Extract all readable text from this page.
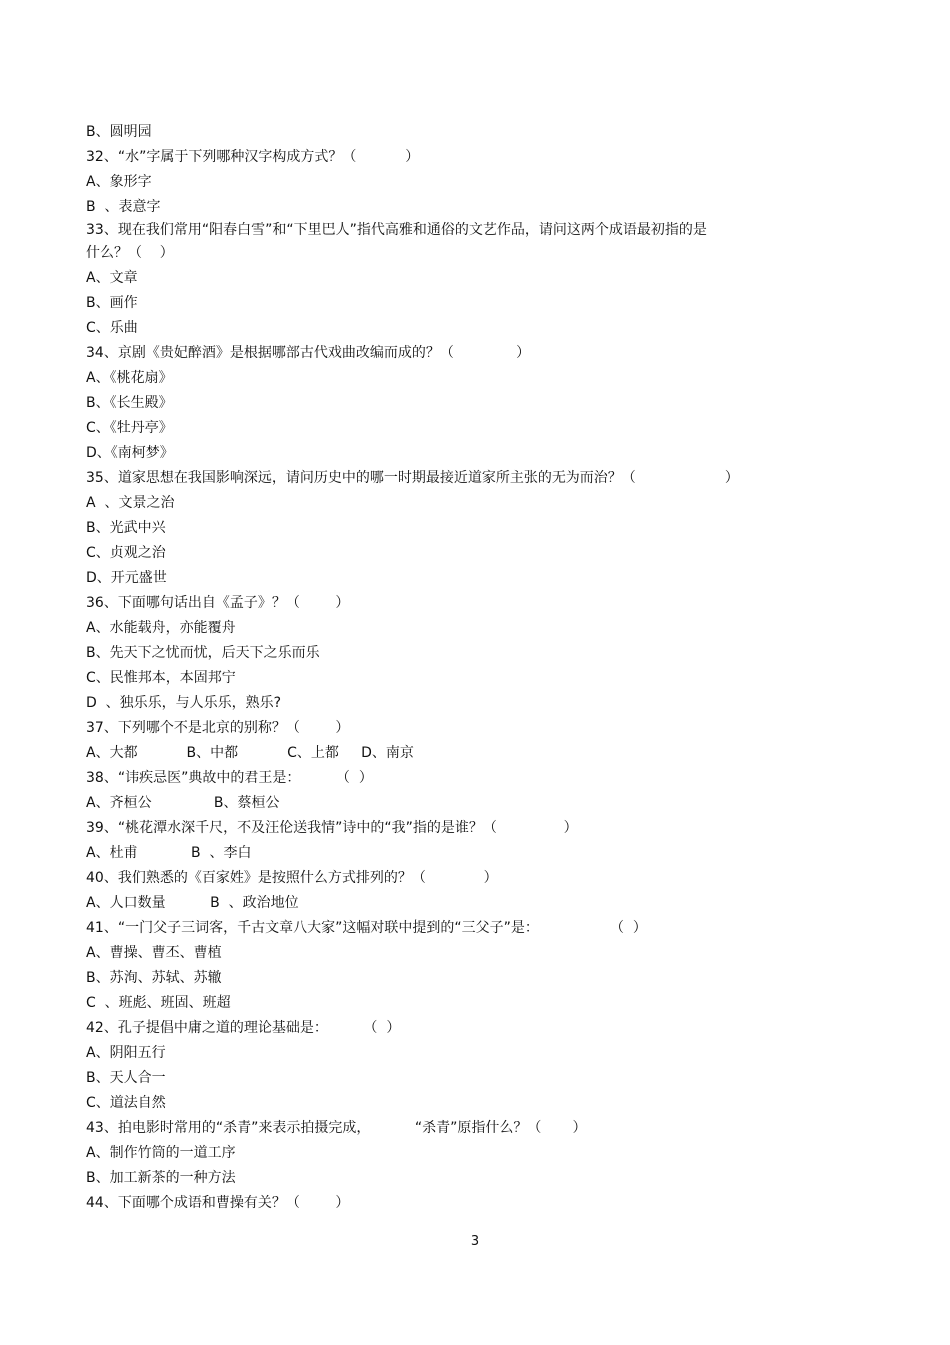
B、圆明园
32、“水”字属于下列哪种汉字构成方式？（           ）
A、象形字
B  、表意字
33、现在我们常用“阳春白雪”和“下里巴人”指代高雅和通俗的文艺作品，请问这两个成语最初指的是
什么？（    ）
A、文章
B、画作
C、乐曲
34、京剧《贵妃醉酒》是根据哪部古代戏曲改编而成的？（              ）
A、《桃花扇》
B、《长生殿》
C、《牡丹亭》
D、《南柯梦》
35、道家思想在我国影响深远，请问历史中的哪一时期最接近道家所主张的无为而治？（                    ）
A  、文景之治
B、光武中兴
C、贞观之治
D、开元盛世
36、下面哪句话出自《孟子》？（        ）
A、水能载舟，亦能覆舟
B、先天下之忧而忧，后天下之乐而乐
C、民惟邦本，本固邦宁
D  、独乐乐，与人乐乐，熟乐?
37、下列哪个不是北京的别称？（        ）
A、大都           B、中都           C、上都     D、南京
38、“讳疾忌医”典故中的君王是：        （  ）
A、齐桓公              B、蔡桓公
39、“桃花潭水深千尺，不及汪伦送我情”诗中的“我”指的是谁？（               ）
A、杜甫            B  、李白
40、我们熟悉的《百家姓》是按照什么方式排列的？（             ）
A、人口数量          B  、政治地位
41、“一门父子三词客，千古文章八大家”这幅对联中提到的“三父子”是：                （  ）
A、曹操、曹丕、曹植
B、苏洵、苏轼、苏辙
C  、班彪、班固、班超
42、孔子提倡中庸之道的理论基础是：        （  ）
A、阴阳五行
B、天人合一
C、道法自然
43、拍电影时常用的“杀青”来表示拍摄完成，          “杀青”原指什么？（       ）
A、制作竹筒的一道工序
B、加工新茶的一种方法
44、下面哪个成语和曹操有关？（        ）
3
